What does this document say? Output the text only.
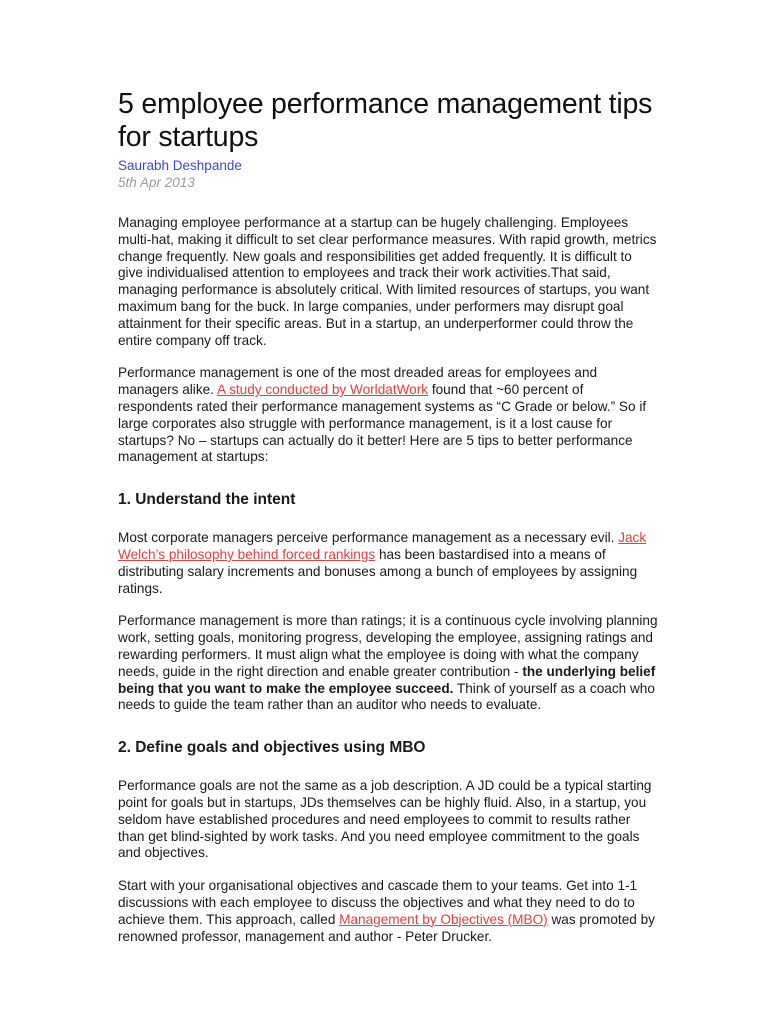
5 employee performance management tips for startups
Saurabh Deshpande
5th Apr 2013

Managing employee performance at a startup can be hugely challenging. Employees multi-hat, making it difficult to set clear performance measures. With rapid growth, metrics change frequently. New goals and responsibilities get added frequently. It is difficult to give individualised attention to employees and track their work activities.That said, managing performance is absolutely critical. With limited resources of startups, you want maximum bang for the buck. In large companies, under performers may disrupt goal attainment for their specific areas. But in a startup, an underperformer could throw the entire company off track.

Performance management is one of the most dreaded areas for employees and managers alike. A study conducted by WorldatWork found that ~60 percent of respondents rated their performance management systems as “C Grade or below.” So if large corporates also struggle with performance management, is it a lost cause for startups? No – startups can actually do it better! Here are 5 tips to better performance management at startups:

1. Understand the intent

Most corporate managers perceive performance management as a necessary evil. Jack Welch’s philosophy behind forced rankings has been bastardised into a means of distributing salary increments and bonuses among a bunch of employees by assigning ratings.

Performance management is more than ratings; it is a continuous cycle involving planning work, setting goals, monitoring progress, developing the employee, assigning ratings and rewarding performers. It must align what the employee is doing with what the company needs, guide in the right direction and enable greater contribution - the underlying belief being that you want to make the employee succeed. Think of yourself as a coach who needs to guide the team rather than an auditor who needs to evaluate.

2. Define goals and objectives using MBO

Performance goals are not the same as a job description. A JD could be a typical starting point for goals but in startups, JDs themselves can be highly fluid. Also, in a startup, you seldom have established procedures and need employees to commit to results rather than get blind-sighted by work tasks. And you need employee commitment to the goals and objectives.

Start with your organisational objectives and cascade them to your teams. Get into 1-1 discussions with each employee to discuss the objectives and what they need to do to achieve them. This approach, called Management by Objectives (MBO) was promoted by renowned professor, management and author - Peter Drucker.
